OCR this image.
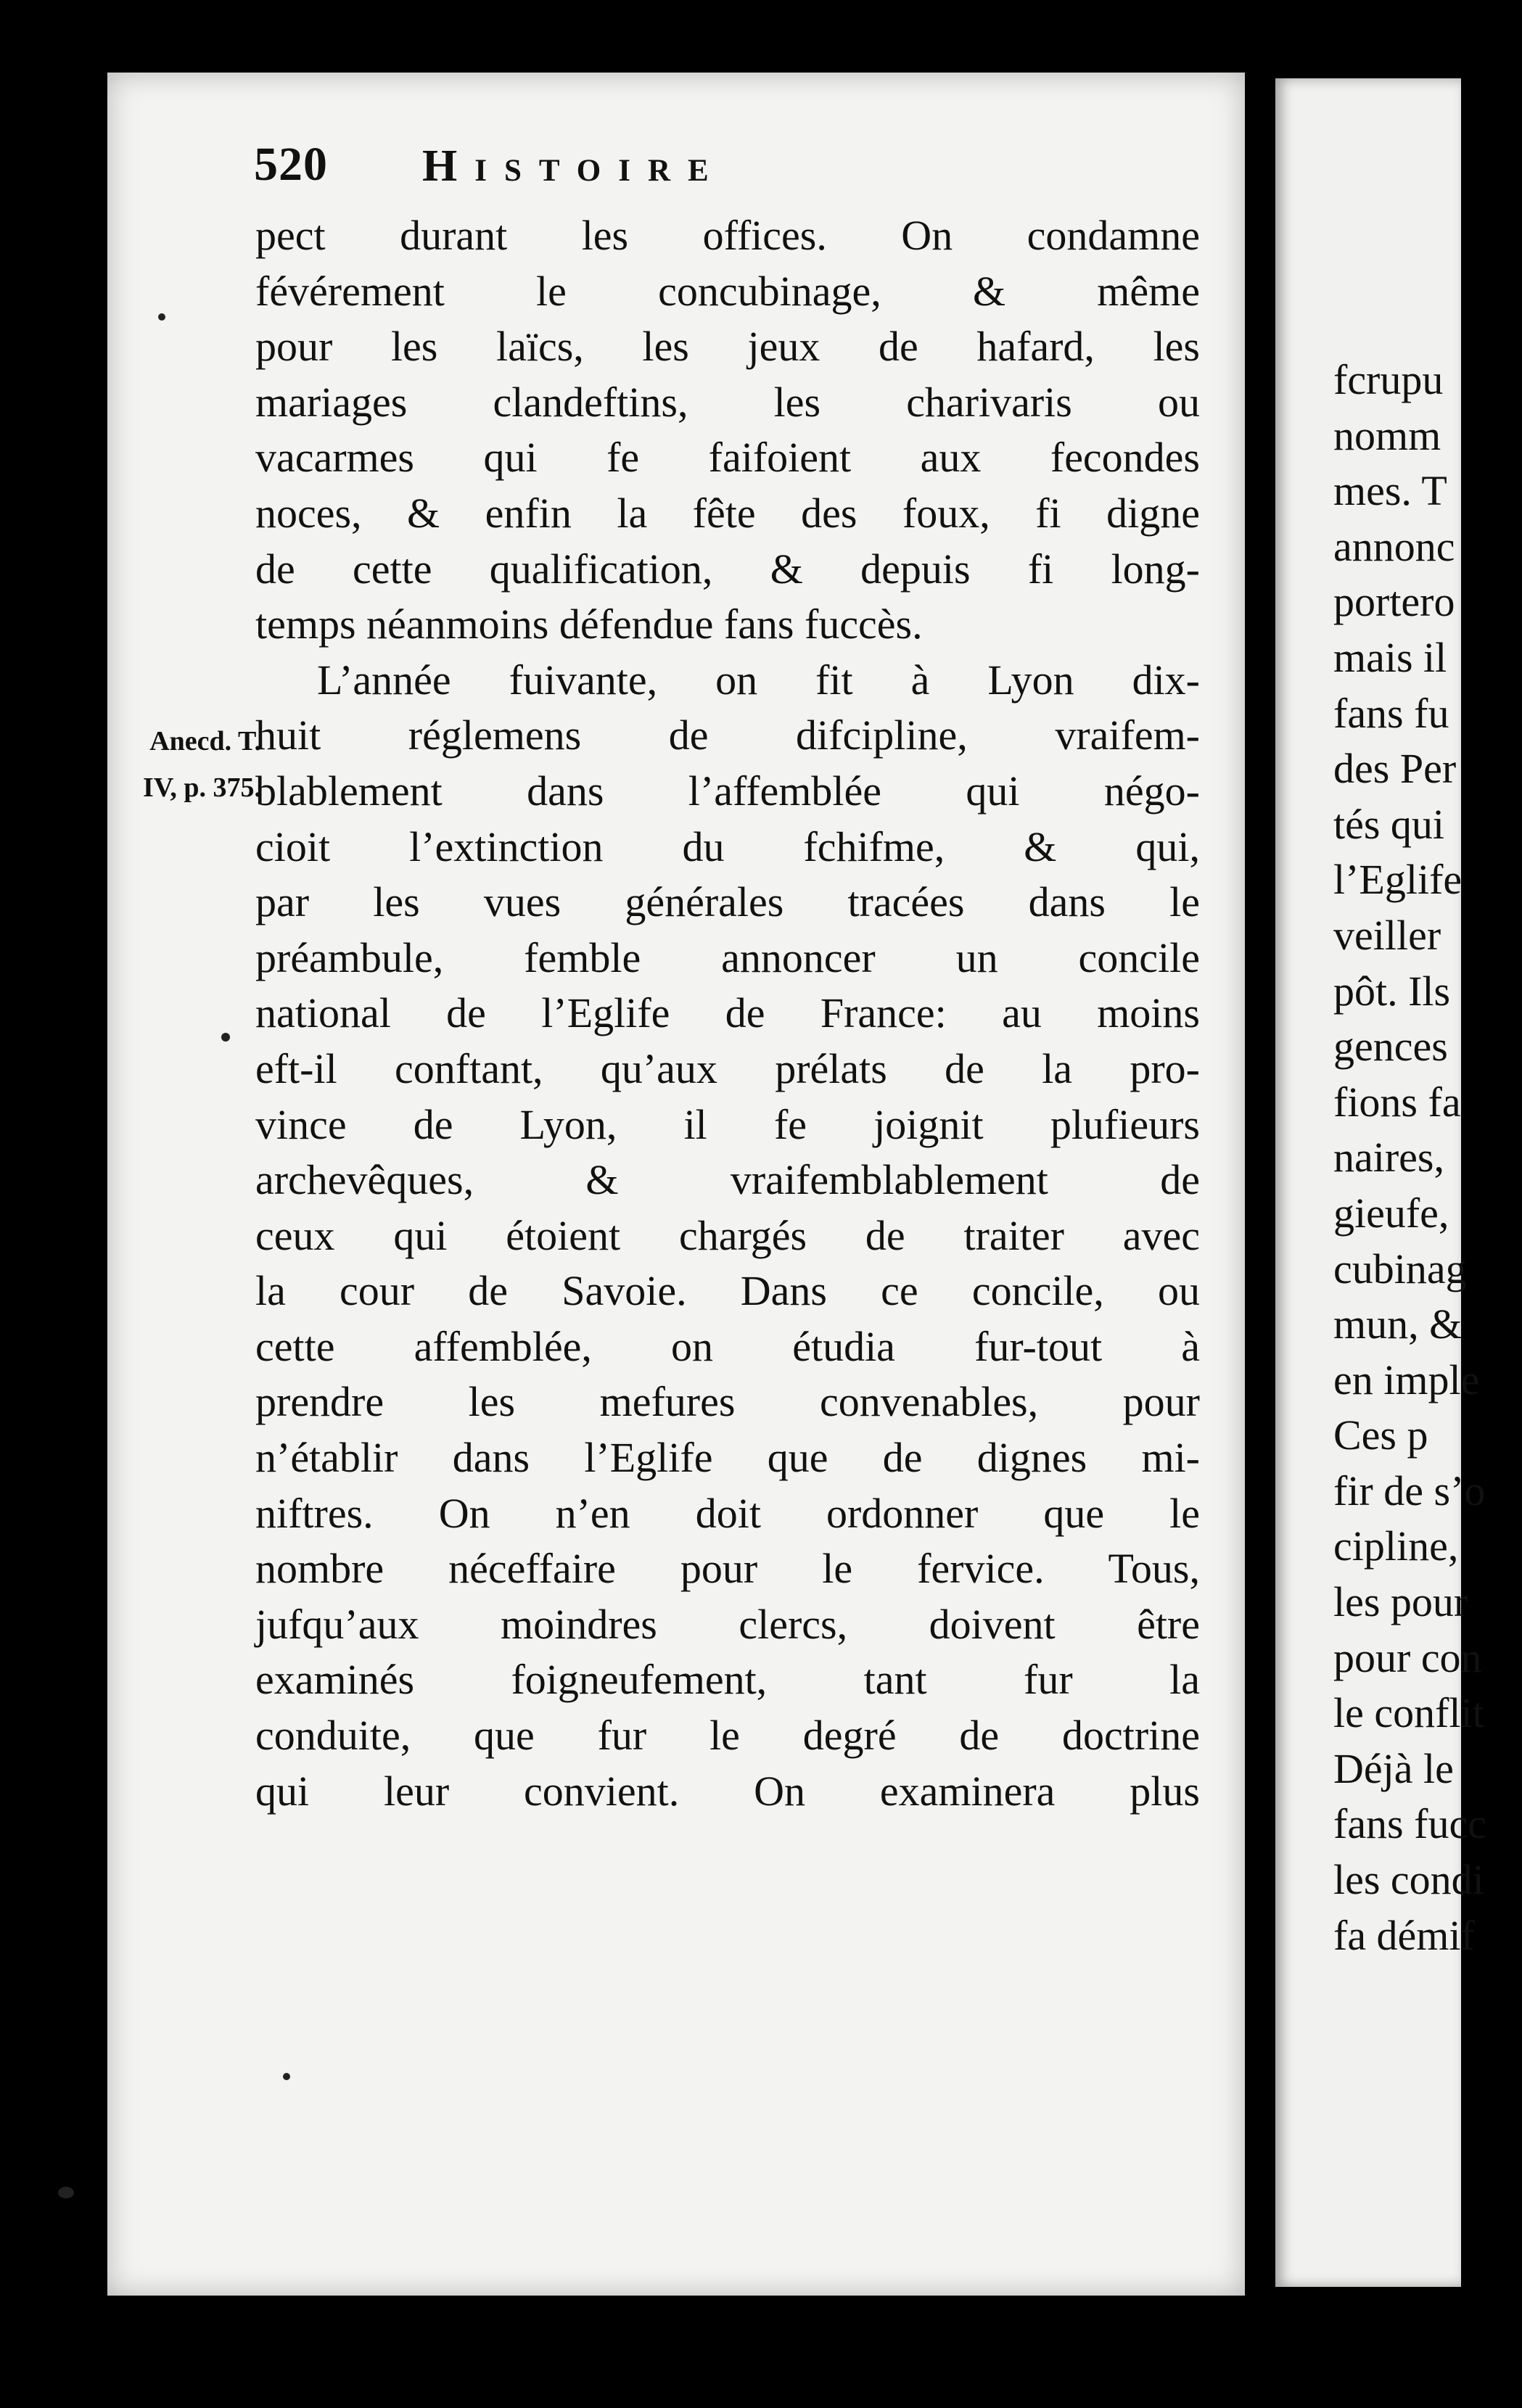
fcrupu
nomm
mes. T
annonc
portero
mais il
fans fu
des Per
tés qui
l’Eglife
veiller
pôt. Ils
gences
fions fa
naires,
gieufe,
cubinag
mun, &
en imple
Ces p
fir de s’o
cipline,
les pour
pour con
le conflit
Déjà le
fans fucc
les condi
fa démif
520 Histoire
Anecd. T.
IV, p. 375.
pect durant les offices. On condamne
févérement le concubinage, & même
pour les laïcs, les jeux de hafard, les
mariages clandeftins, les charivaris ou
vacarmes qui fe faifoient aux fecondes
noces, & enfin la fête des foux, fi digne
de cette qualification, & depuis fi long-
temps néanmoins défendue fans fuccès.
L’année fuivante, on fit à Lyon dix-
huit réglemens de difcipline, vraifem-
blablement dans l’affemblée qui négo-
cioit l’extinction du fchifme, & qui,
par les vues générales tracées dans le
préambule, femble annoncer un concile
national de l’Eglife de France: au moins
eft-il conftant, qu’aux prélats de la pro-
vince de Lyon, il fe joignit plufieurs
archevêques, & vraifemblablement de
ceux qui étoient chargés de traiter avec
la cour de Savoie. Dans ce concile, ou
cette affemblée, on étudia fur-tout à
prendre les mefures convenables, pour
n’établir dans l’Eglife que de dignes mi-
niftres. On n’en doit ordonner que le
nombre néceffaire pour le fervice. Tous,
jufqu’aux moindres clercs, doivent être
examinés foigneufement, tant fur la
conduite, que fur le degré de doctrine
qui leur convient. On examinera plus
